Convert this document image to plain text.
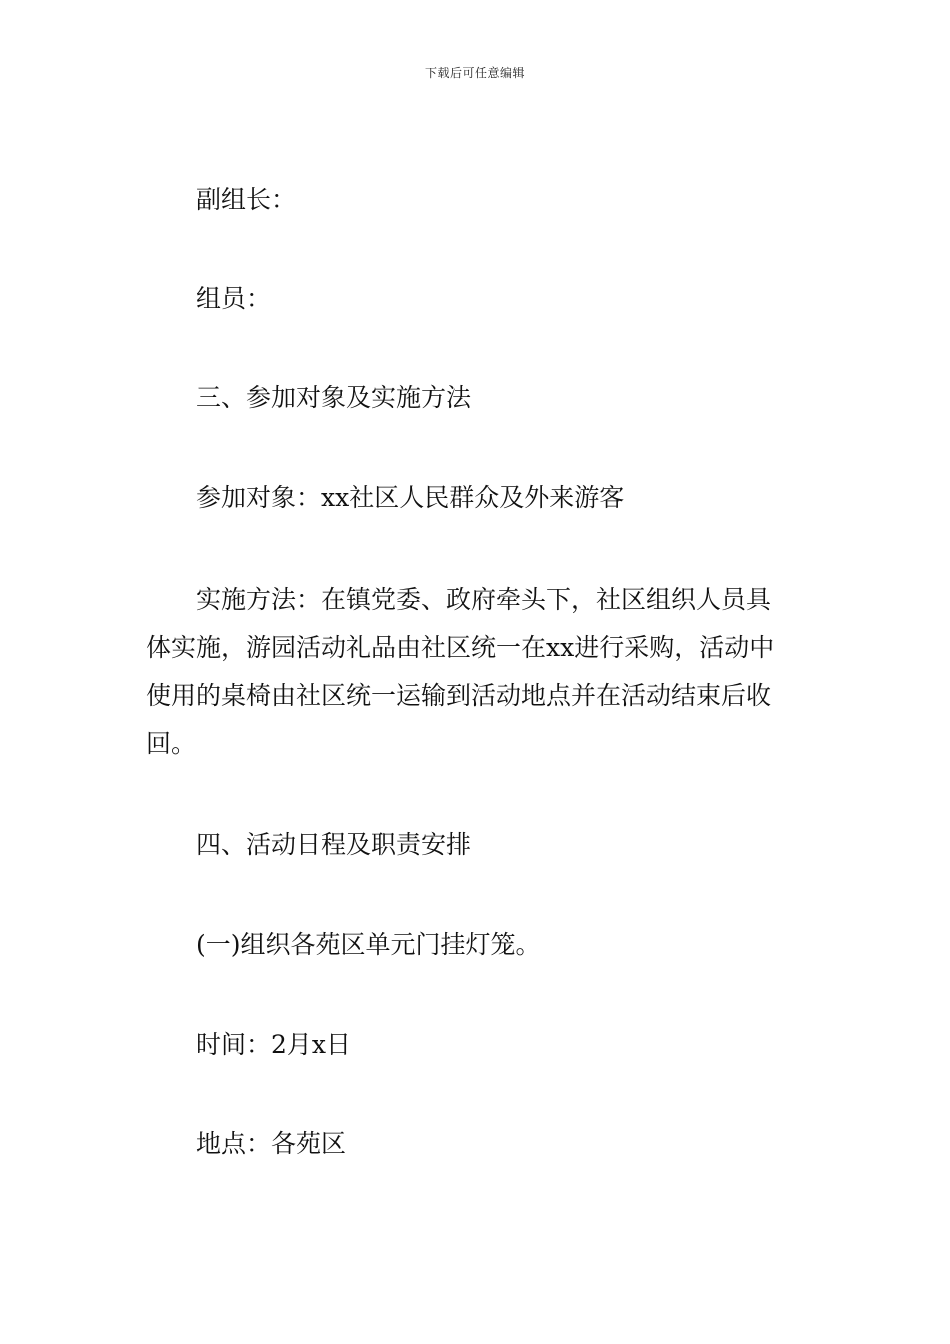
下载后可任意编辑
副组长：
组员：
三、参加对象及实施方法
参加对象：xx社区人民群众及外来游客
实施方法：在镇党委、政府牵头下，社区组织人员具
体实施，游园活动礼品由社区统一在xx进行采购，活动中
使用的桌椅由社区统一运输到活动地点并在活动结束后收
回。
四、活动日程及职责安排
(一)组织各苑区单元门挂灯笼。
时间：2月x日
地点：各苑区
